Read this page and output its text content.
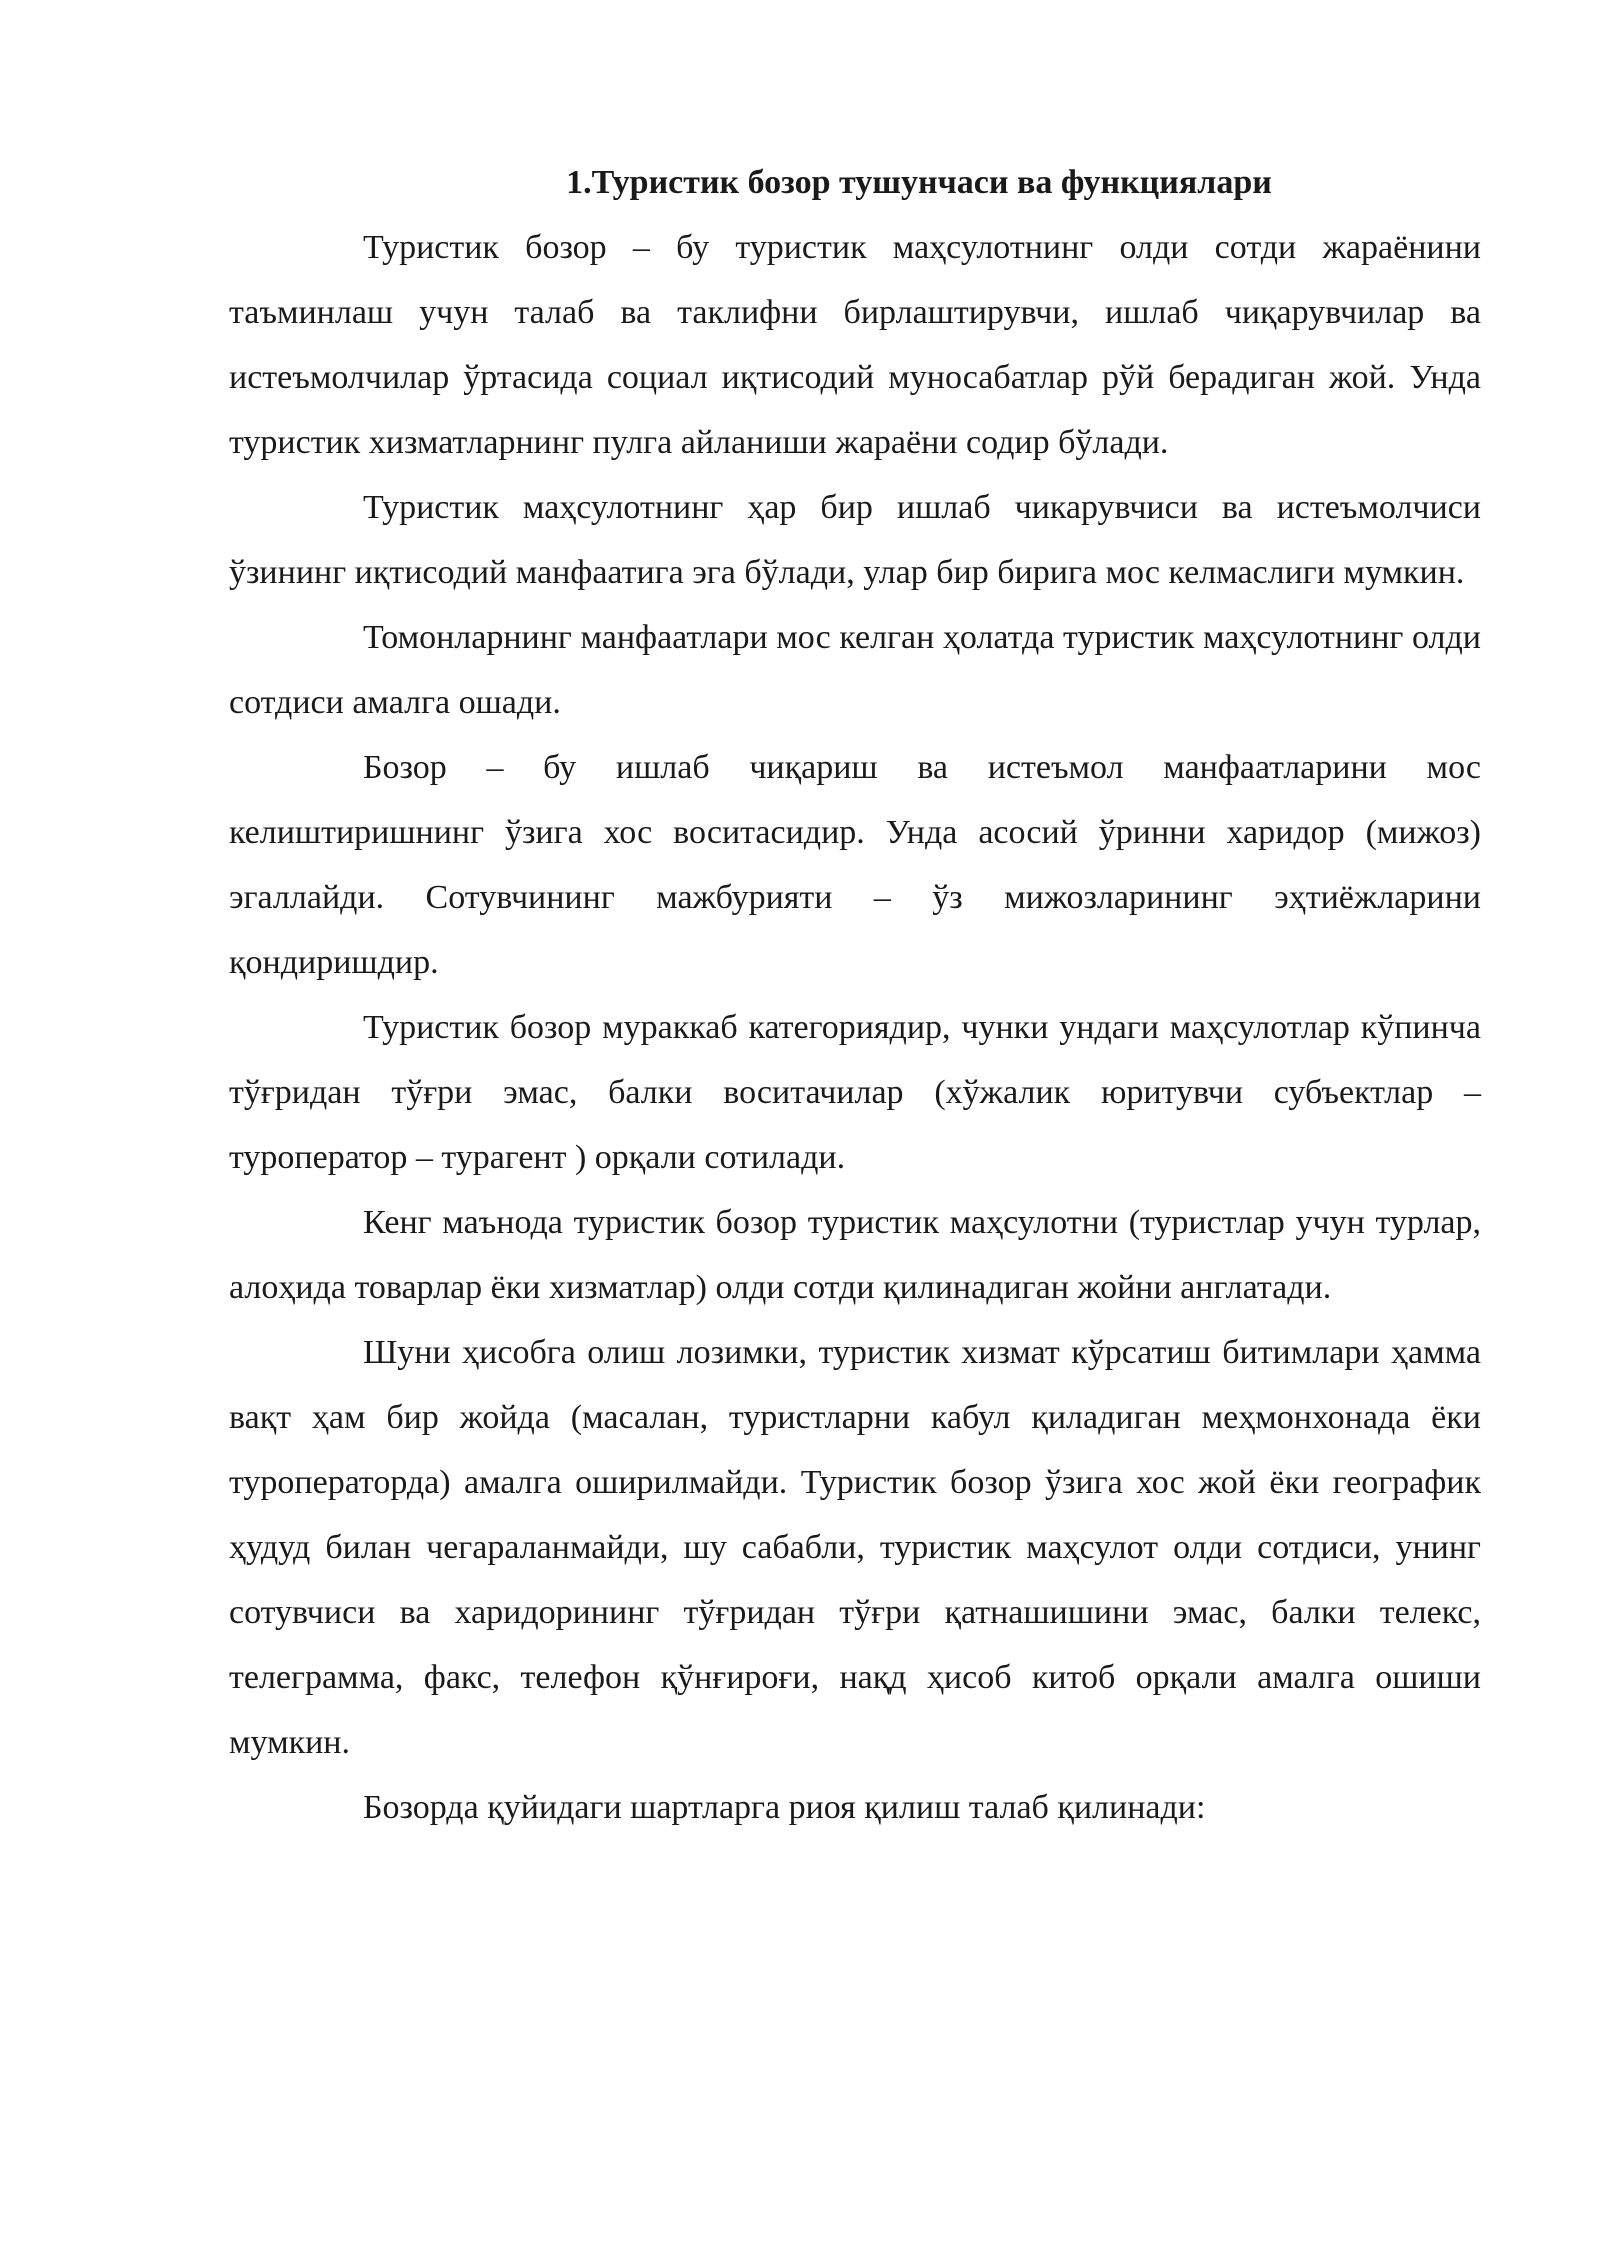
1.Туристик бозор тушунчаси ва функциялари

Туристик бозор – бу туристик маҳсулотнинг олди сотди жараёнини таъминлаш учун талаб ва таклифни бирлаштирувчи, ишлаб чиқарувчилар ва истеъмолчилар ўртасида социал иқтисодий муносабатлар рўй берадиган жой. Унда туристик хизматларнинг пулга айланиши жараёни содир бўлади.

Туристик маҳсулотнинг ҳар бир ишлаб чикарувчиси ва истеъмолчиси ўзининг иқтисодий манфаатига эга бўлади, улар бир бирига мос келмаслиги мумкин.

Томонларнинг манфаатлари мос келган ҳолатда туристик маҳсулотнинг олди сотдиси амалга ошади.

Бозор – бу ишлаб чиқариш ва истеъмол манфаатларини мос келиштиришнинг ўзига хос воситасидир. Унда асосий ўринни харидор (мижоз) эгаллайди. Сотувчининг мажбурияти – ўз мижозларининг эҳтиёжларини қондиришдир.

Туристик бозор мураккаб категориядир, чунки ундаги маҳсулотлар кўпинча тўғридан тўғри эмас, балки воситачилар (хўжалик юритувчи субъектлар – туроператор – турагент ) орқали сотилади.

Кенг маънода туристик бозор туристик маҳсулотни (туристлар учун турлар, алоҳида товарлар ёки хизматлар) олди сотди қилинадиган жойни англатади.

Шуни ҳисобга олиш лозимки, туристик хизмат кўрсатиш битимлари ҳамма вақт ҳам бир жойда (масалан, туристларни кабул қиладиган меҳмонхонада ёки туроператорда) амалга оширилмайди. Туристик бозор ўзига хос жой ёки географик ҳудуд билан чегараланмайди, шу сабабли, туристик маҳсулот олди сотдиси, унинг сотувчиси ва харидорининг тўғридан тўғри қатнашишини эмас, балки телекс, телеграмма, факс, телефон қўнғироғи, нақд ҳисоб китоб орқали амалга ошиши мумкин.

Бозорда қуйидаги шартларга риоя қилиш талаб қилинади:
